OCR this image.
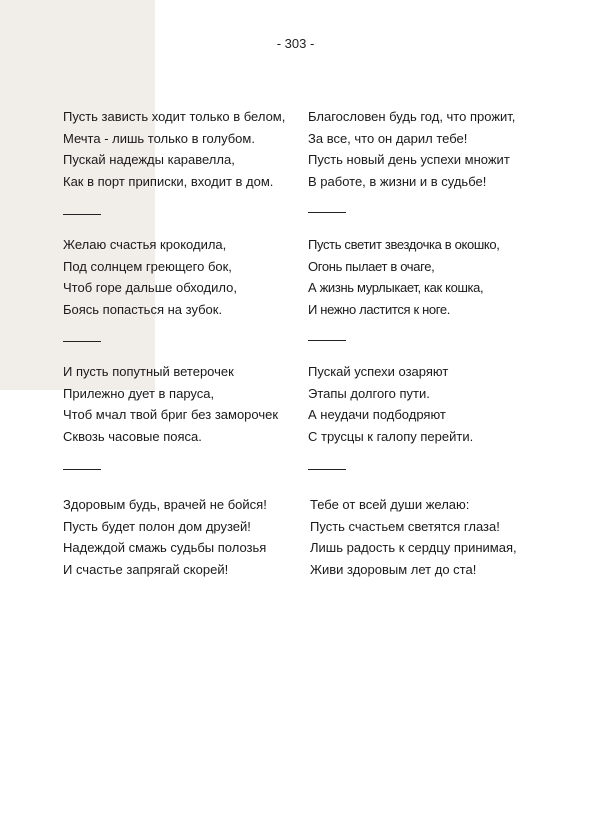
- 303 -
Пусть зависть ходит только в белом,
Мечта - лишь только в голубом.
Пускай надежды каравелла,
Как в порт приписки, входит в дом.
Желаю счастья крокодила,
Под солнцем греющего бок,
Чтоб горе дальше обходило,
Боясь попасться на зубок.
И пусть попутный ветерочек
Прилежно дует в паруса,
Чтоб мчал твой бриг без заморочек
Сквозь часовые пояса.
Здоровым будь, врачей не бойся!
Пусть будет полон дом друзей!
Надеждой смажь судьбы полозья
И счастье запрягай скорей!
Благословен будь год, что прожит,
За все, что он дарил тебе!
Пусть новый день успехи множит
В работе, в жизни и в судьбе!
Пусть светит звездочка в окошко,
Огонь пылает в очаге,
А жизнь мурлыкает, как кошка,
И нежно ластится к ноге.
Пускай успехи озаряют
Этапы долгого пути.
А неудачи подбодряют
С трусцы к галопу перейти.
Тебе от всей души желаю:
Пусть счастьем светятся глаза!
Лишь радость к сердцу принимая,
Живи здоровым лет до ста!
